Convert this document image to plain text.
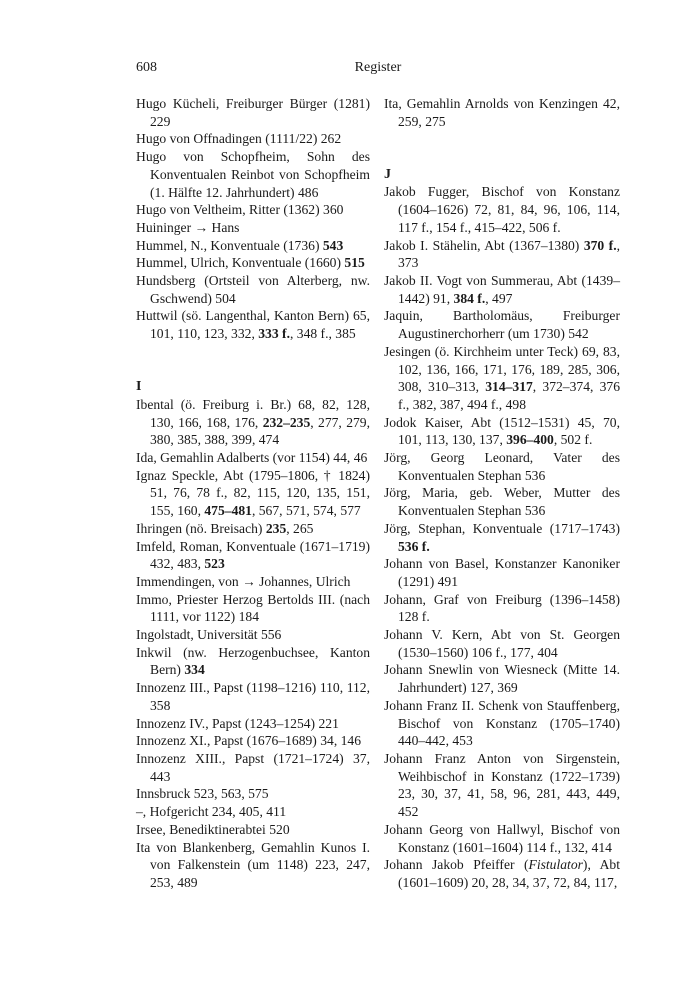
608	Register

Hugo Kücheli, Freiburger Bürger (1281) 229

Hugo von Offnadingen (1111/22) 262

Hugo von Schopfheim, Sohn des Konventualen Reinbot von Schopfheim (1. Hälfte 12. Jahrhundert) 486

Hugo von Veltheim, Ritter (1362) 360

Huininger → Hans

Hummel, N., Konventuale (1736) 543

Hummel, Ulrich, Konventuale (1660) 515

Hundsberg (Ortsteil von Alterberg, nw. Gschwend) 504

Huttwil (sö. Langenthal, Kanton Bern) 65, 101, 110, 123, 332, 333 f., 348 f., 385

I

Ibental (ö. Freiburg i. Br.) 68, 82, 128, 130, 166, 168, 176, 232–235, 277, 279, 380, 385, 388, 399, 474

Ida, Gemahlin Adalberts (vor 1154) 44, 46

Ignaz Speckle, Abt (1795–1806, † 1824) 51, 76, 78 f., 82, 115, 120, 135, 151, 155, 160, 475–481, 567, 571, 574, 577

Ihringen (nö. Breisach) 235, 265

Imfeld, Roman, Konventuale (1671–1719) 432, 483, 523

Immendingen, von → Johannes, Ulrich

Immo, Priester Herzog Bertolds III. (nach 1111, vor 1122) 184

Ingolstadt, Universität 556

Inkwil (nw. Herzogenbuchsee, Kanton Bern) 334

Innozenz III., Papst (1198–1216) 110, 112, 358

Innozenz IV., Papst (1243–1254) 221

Innozenz XI., Papst (1676–1689) 34, 146

Innozenz XIII., Papst (1721–1724) 37, 443

Innsbruck 523, 563, 575

–, Hofgericht 234, 405, 411

Irsee, Benediktinerabtei 520

Ita von Blankenberg, Gemahlin Kunos I. von Falkenstein (um 1148) 223, 247, 253, 489

Ita, Gemahlin Arnolds von Kenzingen 42, 259, 275

J

Jakob Fugger, Bischof von Konstanz (1604–1626) 72, 81, 84, 96, 106, 114, 117 f., 154 f., 415–422, 506 f.

Jakob I. Stähelin, Abt (1367–1380) 370 f., 373

Jakob II. Vogt von Summerau, Abt (1439–1442) 91, 384 f., 497

Jaquin, Bartholomäus, Freiburger Augustinerchorherr (um 1730) 542

Jesingen (ö. Kirchheim unter Teck) 69, 83, 102, 136, 166, 171, 176, 189, 285, 306, 308, 310–313, 314–317, 372–374, 376 f., 382, 387, 494 f., 498

Jodok Kaiser, Abt (1512–1531) 45, 70, 101, 113, 130, 137, 396–400, 502 f.

Jörg, Georg Leonard, Vater des Konventualen Stephan 536

Jörg, Maria, geb. Weber, Mutter des Konventualen Stephan 536

Jörg, Stephan, Konventuale (1717–1743) 536 f.

Johann von Basel, Konstanzer Kanoniker (1291) 491

Johann, Graf von Freiburg (1396–1458) 128 f.

Johann V. Kern, Abt von St. Georgen (1530–1560) 106 f., 177, 404

Johann Snewlin von Wiesneck (Mitte 14. Jahrhundert) 127, 369

Johann Franz II. Schenk von Stauffenberg, Bischof von Konstanz (1705–1740) 440–442, 453

Johann Franz Anton von Sirgenstein, Weihbischof in Konstanz (1722–1739) 23, 30, 37, 41, 58, 96, 281, 443, 449, 452

Johann Georg von Hallwyl, Bischof von Konstanz (1601–1604) 114 f., 132, 414

Johann Jakob Pfeiffer (Fistulator), Abt (1601–1609) 20, 28, 34, 37, 72, 84, 117,
